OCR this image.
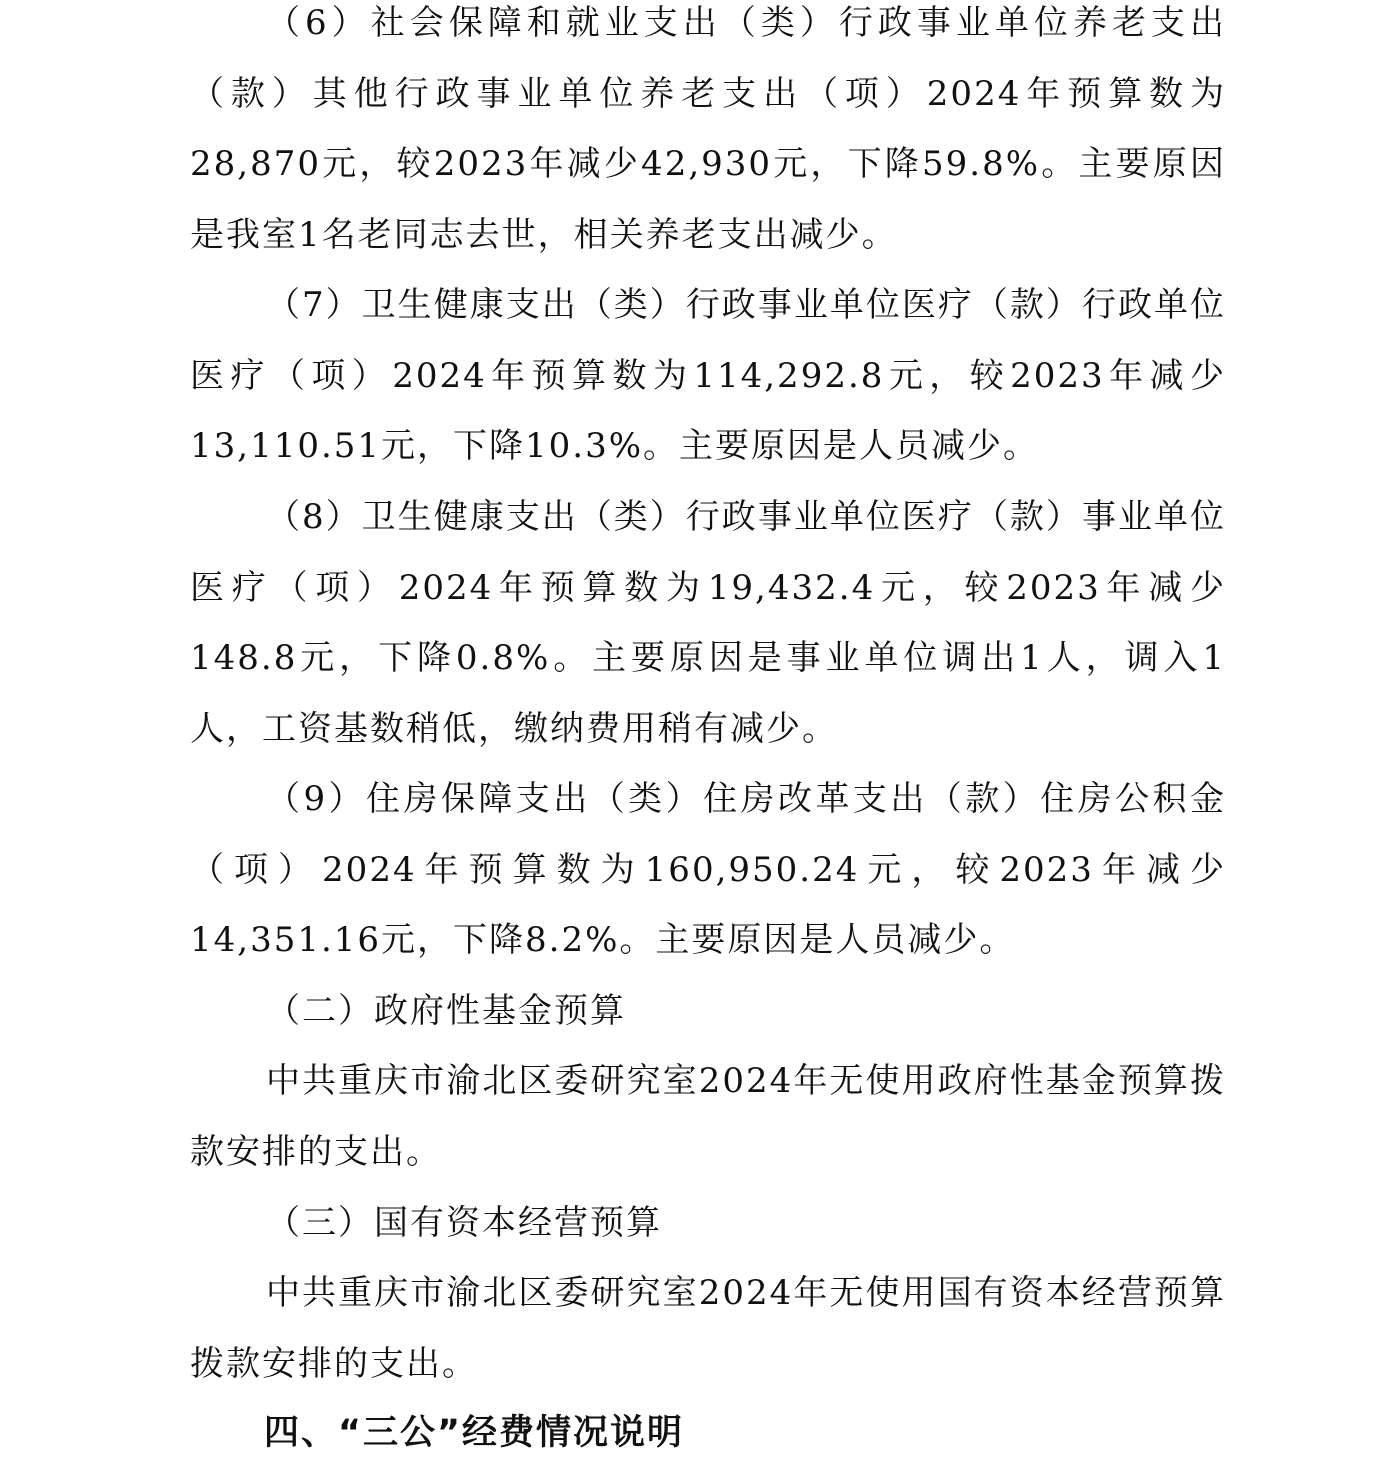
（6）社会保障和就业支出（类）行政事业单位养老支出（款）其他行政事业单位养老支出（项）2024年预算数为28,870元，较2023年减少42,930元，下降59.8%。主要原因是我室1名老同志去世，相关养老支出减少。

（7）卫生健康支出（类）行政事业单位医疗（款）行政单位医疗（项）2024年预算数为114,292.8元，较2023年减少13,110.51元，下降10.3%。主要原因是人员减少。

（8）卫生健康支出（类）行政事业单位医疗（款）事业单位医疗（项）2024年预算数为19,432.4元，较2023年减少148.8元，下降0.8%。主要原因是事业单位调出1人，调入1人，工资基数稍低，缴纳费用稍有减少。

（9）住房保障支出（类）住房改革支出（款）住房公积金（项）2024年预算数为160,950.24元，较2023年减少14,351.16元，下降8.2%。主要原因是人员减少。

（二）政府性基金预算

中共重庆市渝北区委研究室2024年无使用政府性基金预算拨款安排的支出。

（三）国有资本经营预算

中共重庆市渝北区委研究室2024年无使用国有资本经营预算拨款安排的支出。

四、“三公”经费情况说明
